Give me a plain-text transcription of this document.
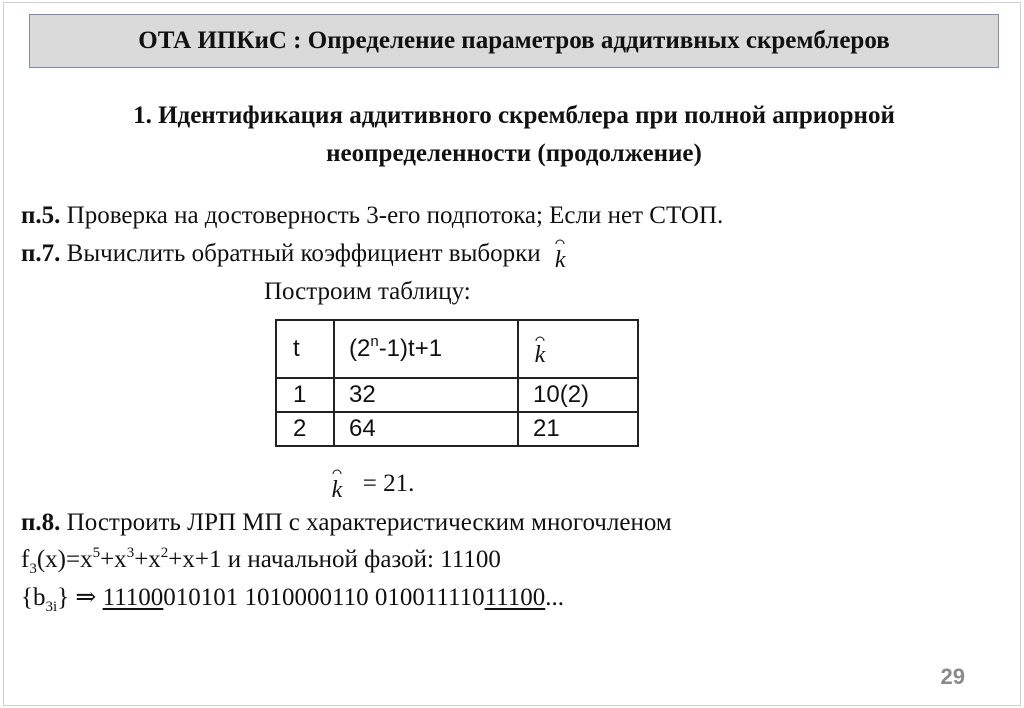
ОТА ИПКиС : Определение параметров аддитивных скремблеров
1. Идентификация аддитивного скремблера при полной априорной
неопределенности (продолжение)
п.5. Проверка на достоверность 3-его подпотока; Если нет СТОП.
п.7. Вычислить обратный коэффициент выборки k
Построим таблицу:
t	$(2^n-1)t+1$	k
1	32	10(2)
2	64	21
k = 21.
п.8. Построить ЛРП МП с характеристическим многочленом
$f_3(x)=x^5+x^3+x^2+x+1$ и начальной фазой: 11100
$\{b_{3i}\}$ ⇒ 11100010101 1010000110 01001111011100...
29
